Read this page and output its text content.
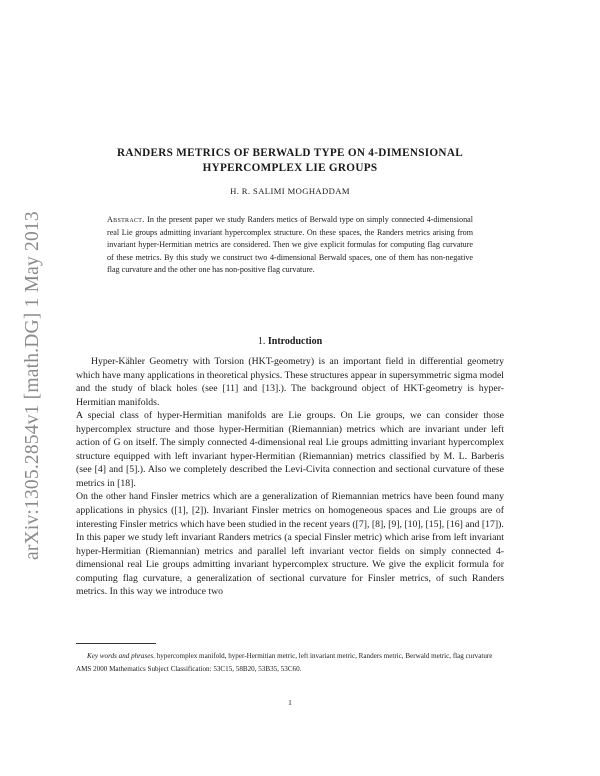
arXiv:1305.2854v1 [math.DG] 1 May 2013
RANDERS METRICS OF BERWALD TYPE ON 4-DIMENSIONAL
HYPERCOMPLEX LIE GROUPS
H. R. SALIMI MOGHADDAM
Abstract. In the present paper we study Randers metics of Berwald type on simply connected 4-dimensional real Lie groups admitting invariant hypercomplex structure. On these spaces, the Randers metrics arising from invariant hyper-Hermitian metrics are considered. Then we give explicit formulas for computing flag curvature of these metrics. By this study we construct two 4-dimensional Berwald spaces, one of them has non-negative flag curvature and the other one has non-positive flag curvature.
1. Introduction

Hyper-Kähler Geometry with Torsion (HKT-geometry) is an important field in differential geometry which have many applications in theoretical physics. These structures appear in supersymmetric sigma model and the study of black holes (see [11] and [13].). The background object of HKT-geometry is hyper-Hermitian manifolds.

A special class of hyper-Hermitian manifolds are Lie groups. On Lie groups, we can consider those hypercomplex structure and those hyper-Hermitian (Riemannian) metrics which are invariant under left action of G on itself. The simply connected 4-dimensional real Lie groups admitting invariant hypercomplex structure equipped with left invariant hyper-Hermitian (Riemannian) metrics classified by M. L. Barberis (see [4] and [5].). Also we completely described the Levi-Civita connection and sectional curvature of these metrics in [18].

On the other hand Finsler metrics which are a generalization of Riemannian metrics have been found many applications in physics ([1], [2]). Invariant Finsler metrics on homogeneous spaces and Lie groups are of interesting Finsler metrics which have been studied in the recent years ([7], [8], [9], [10], [15], [16] and [17]).

In this paper we study left invariant Randers metrics (a special Finsler metric) which arise from left invariant hyper-Hermitian (Riemannian) metrics and parallel left invariant vector fields on simply connected 4-dimensional real Lie groups admitting invariant hypercomplex structure. We give the explicit formula for computing flag curvature, a generalization of sectional curvature for Finsler metrics, of such Randers metrics. In this way we introduce two

Key words and phrases. hypercomplex manifold, hyper-Hermitian metric, left invariant metric, Randers metric, Berwald metric, flag curvature

AMS 2000 Mathematics Subject Classification: 53C15, 58B20, 53B35, 53C60.

1
